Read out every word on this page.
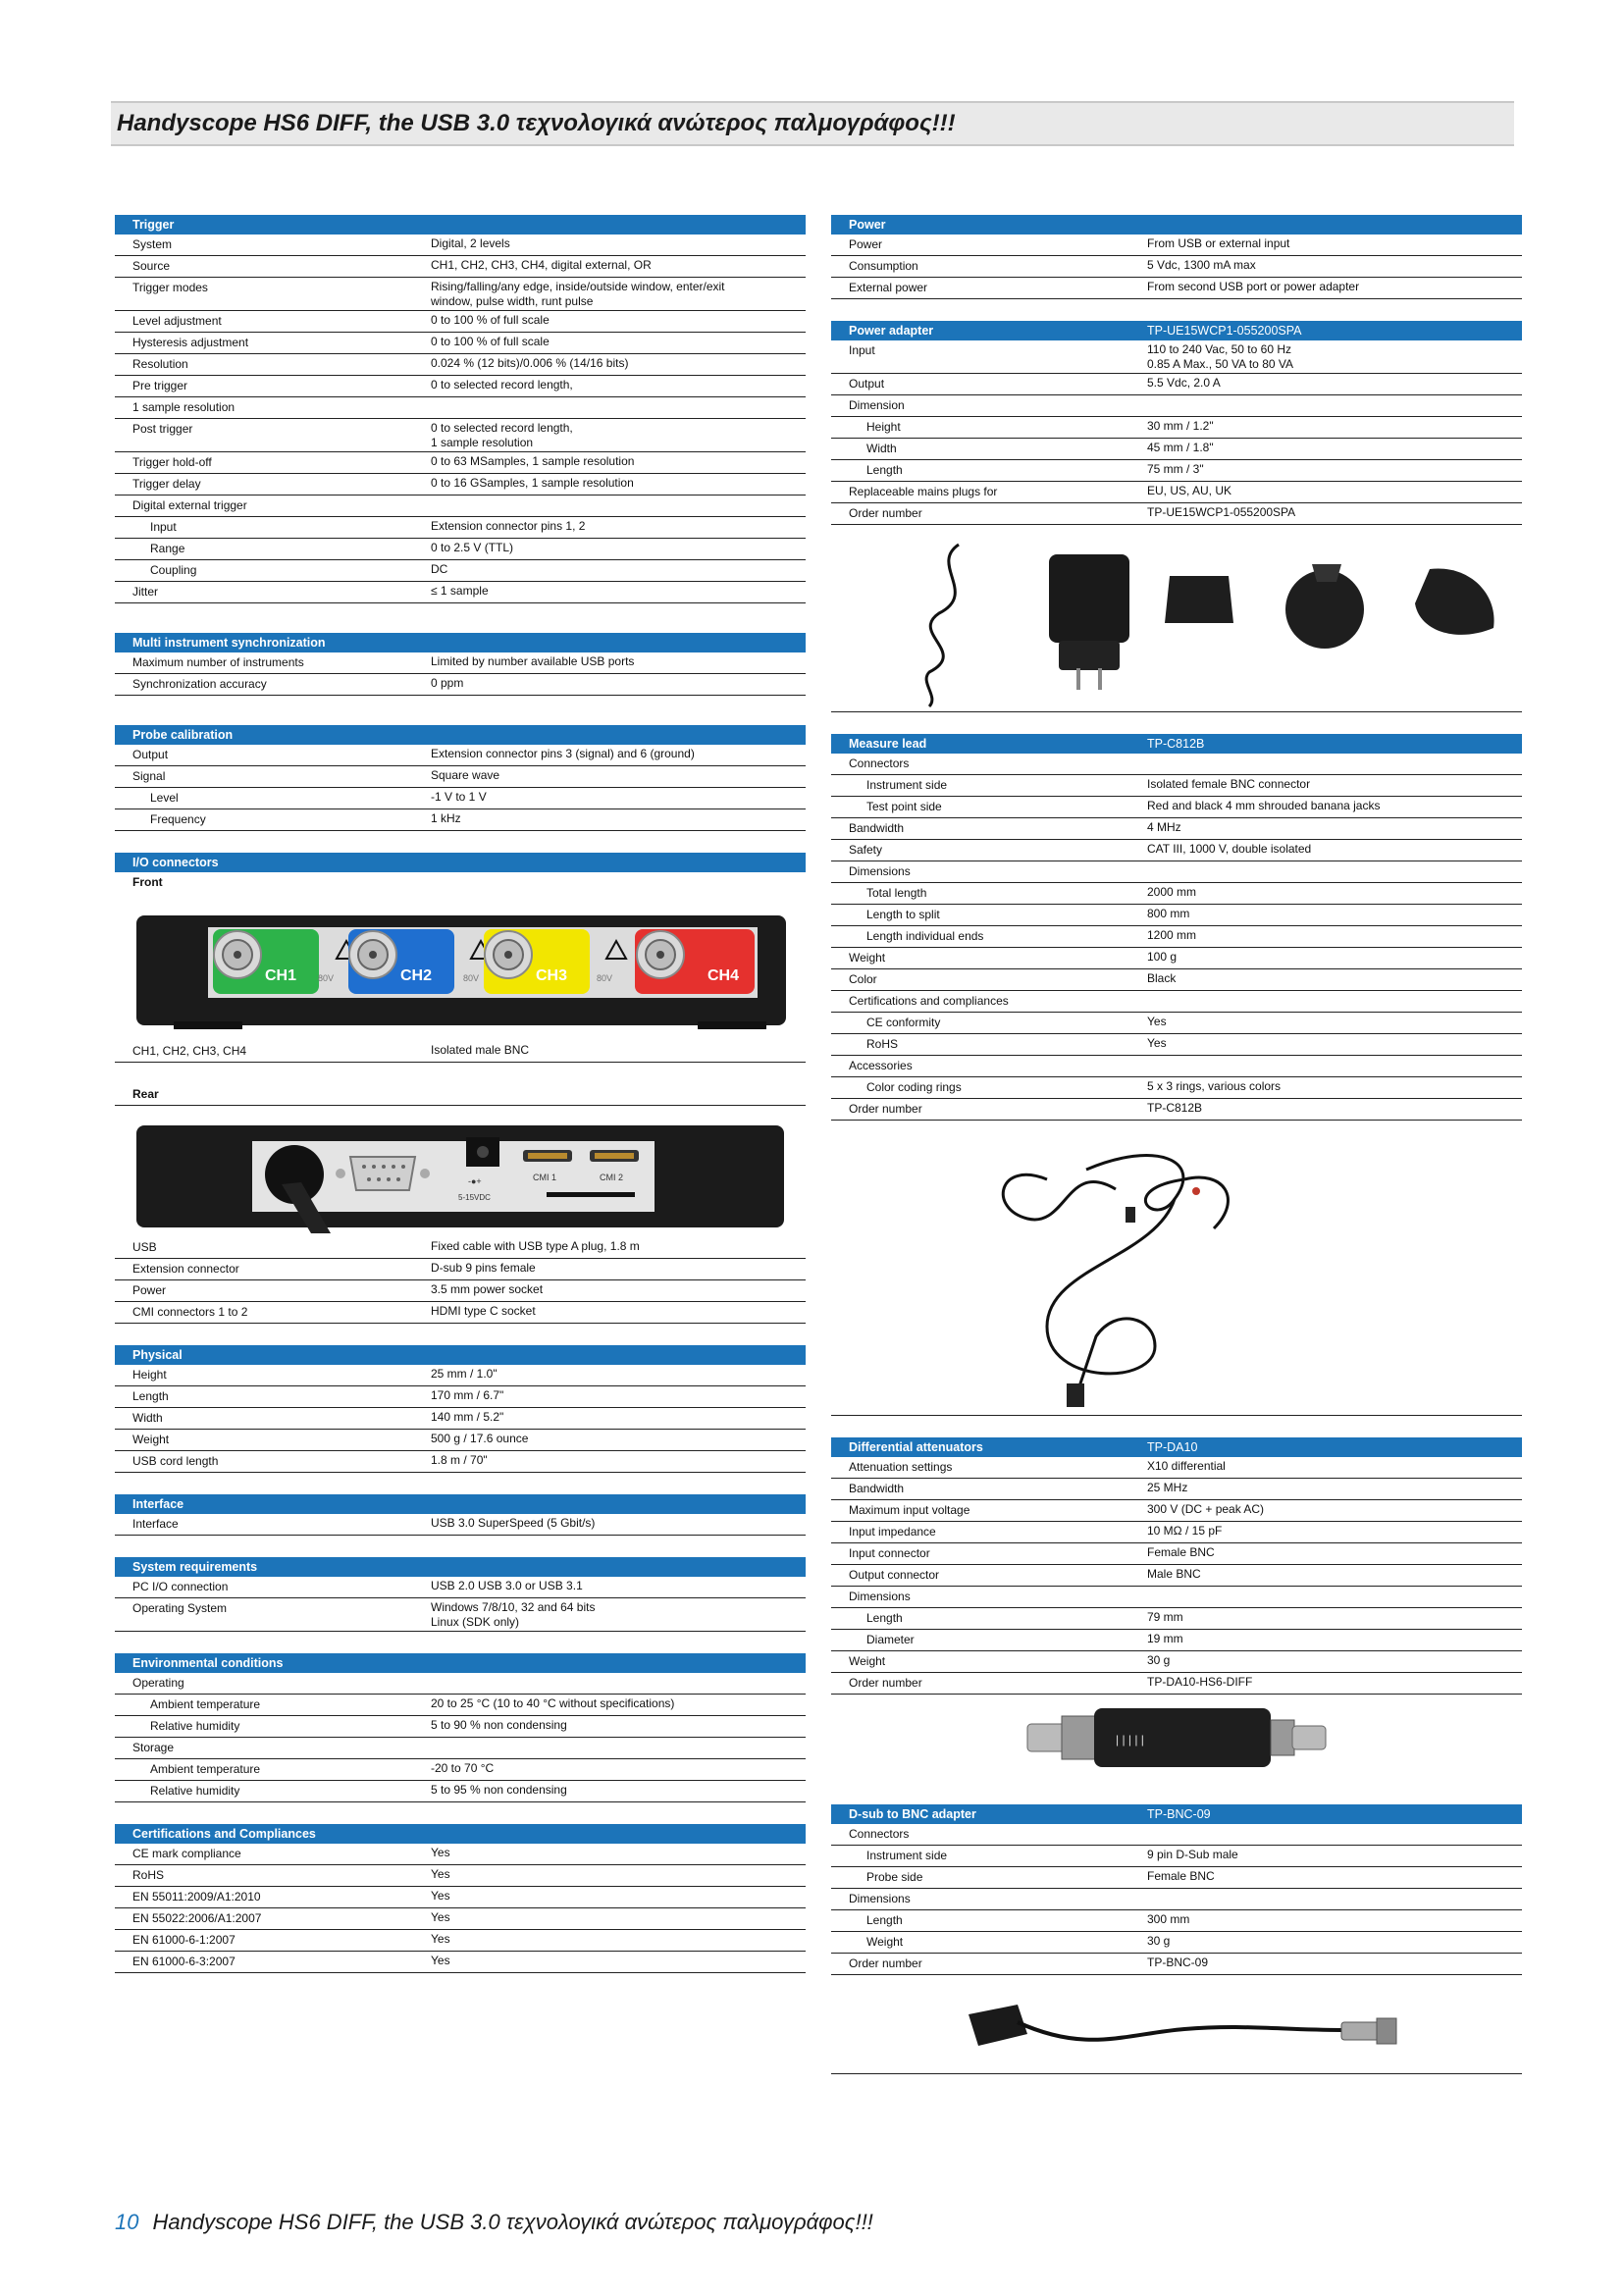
Handyscope HS6 DIFF, the USB 3.0 τεχνολογικά ανώτερος παλμογράφος!!!
Trigger
System	Digital, 2 levels
Source	CH1, CH2, CH3, CH4, digital external, OR
Trigger modes	Rising/falling/any edge, inside/outside window, enter/exit
window, pulse width, runt pulse
Level adjustment	0 to 100 % of full scale
Hysteresis adjustment	0 to 100 % of full scale
Resolution	0.024 % (12 bits)/0.006 % (14/16 bits)
Pre trigger	0 to selected record length,
1 sample resolution
Post trigger	0 to selected record length,
1 sample resolution
Trigger hold-off	0 to 63 MSamples, 1 sample resolution
Trigger delay	0 to 16 GSamples, 1 sample resolution
Digital external trigger
Input	Extension connector pins 1, 2
Range	0 to 2.5 V (TTL)
Coupling	DC
Jitter	≤ 1 sample
Multi instrument synchronization
Maximum number of instruments	Limited by number available USB ports
Synchronization accuracy	0 ppm
Probe calibration
Output	Extension connector pins 3 (signal) and 6 (ground)
Signal	Square wave
Level	-1 V to 1 V
Frequency	1 kHz
I/O connectors
Front
CH1 80V	CH2	80V	CH3	80V	CH4
CH1, CH2, CH3, CH4	Isolated male BNC
Rear
5-15VDC
-●+	CMI 1	CMI 2
USB	Fixed cable with USB type A plug, 1.8 m
Extension connector	D-sub 9 pins female
Power	3.5 mm power socket
CMI connectors 1 to 2	HDMI type C socket
Physical
Height	25 mm / 1.0"
Length	170 mm / 6.7"
Width	140 mm / 5.2"
Weight	500 g / 17.6 ounce
USB cord length	1.8 m / 70"
Interface
Interface	USB 3.0 SuperSpeed (5 Gbit/s)
System requirements
PC I/O connection	USB 2.0 USB 3.0 or USB 3.1
Operating System	Windows 7/8/10, 32 and 64 bits
Linux (SDK only)
Environmental conditions
Operating
Ambient temperature	20 to 25 °C (10 to 40 °C without specifications)
Relative humidity	5 to 90 % non condensing
Storage
Ambient temperature	-20 to 70 °C
Relative humidity	5 to 95 % non condensing
Certifications and Compliances
CE mark compliance	Yes
RoHS	Yes
EN 55011:2009/A1:2010	Yes
EN 55022:2006/A1:2007	Yes
EN 61000-6-1:2007	Yes
EN 61000-6-3:2007	Yes
Power
Power	From USB or external input
Consumption	5 Vdc, 1300 mA max
External power	From second USB port or power adapter
Power adapter	TP-UE15WCP1-055200SPA
Input	110 to 240 Vac, 50 to 60 Hz
0.85 A Max., 50 VA to 80 VA
Output	5.5 Vdc, 2.0 A
Dimension
Height	30 mm / 1.2"
Width	45 mm / 1.8"
Length	75 mm / 3"
Replaceable mains plugs for	EU, US, AU, UK
Order number	TP-UE15WCP1-055200SPA
Measure lead	TP-C812B
Connectors
Instrument side	Isolated female BNC connector
Test point side	Red and black 4 mm shrouded banana jacks
Bandwidth	4 MHz
Safety	CAT III, 1000 V, double isolated
Dimensions
Total length	2000 mm
Length to split	800 mm
Length individual ends	1200 mm
Weight	100 g
Color	Black
Certifications and compliances
CE conformity	Yes
RoHS	Yes
Accessories
Color coding rings	5 x 3 rings, various colors
Order number	TP-C812B
Differential attenuators	TP-DA10
Attenuation settings	X10 differential
Bandwidth	25 MHz
Maximum input voltage	300 V (DC + peak AC)
Input impedance	10 MΩ / 15 pF
Input connector	Female BNC
Output connector	Male BNC
Dimensions
Length	79 mm
Diameter	19 mm
Weight	30 g
Order number	TP-DA10-HS6-DIFF
| | | | |
D-sub to BNC adapter	TP-BNC-09
Connectors
Instrument side	9 pin D-Sub male
Probe side	Female BNC
Dimensions
Length	300 mm
Weight	30 g
Order number	TP-BNC-09
10 Handyscope HS6 DIFF, the USB 3.0 τεχνολογικά ανώτερος παλμογράφος!!!
